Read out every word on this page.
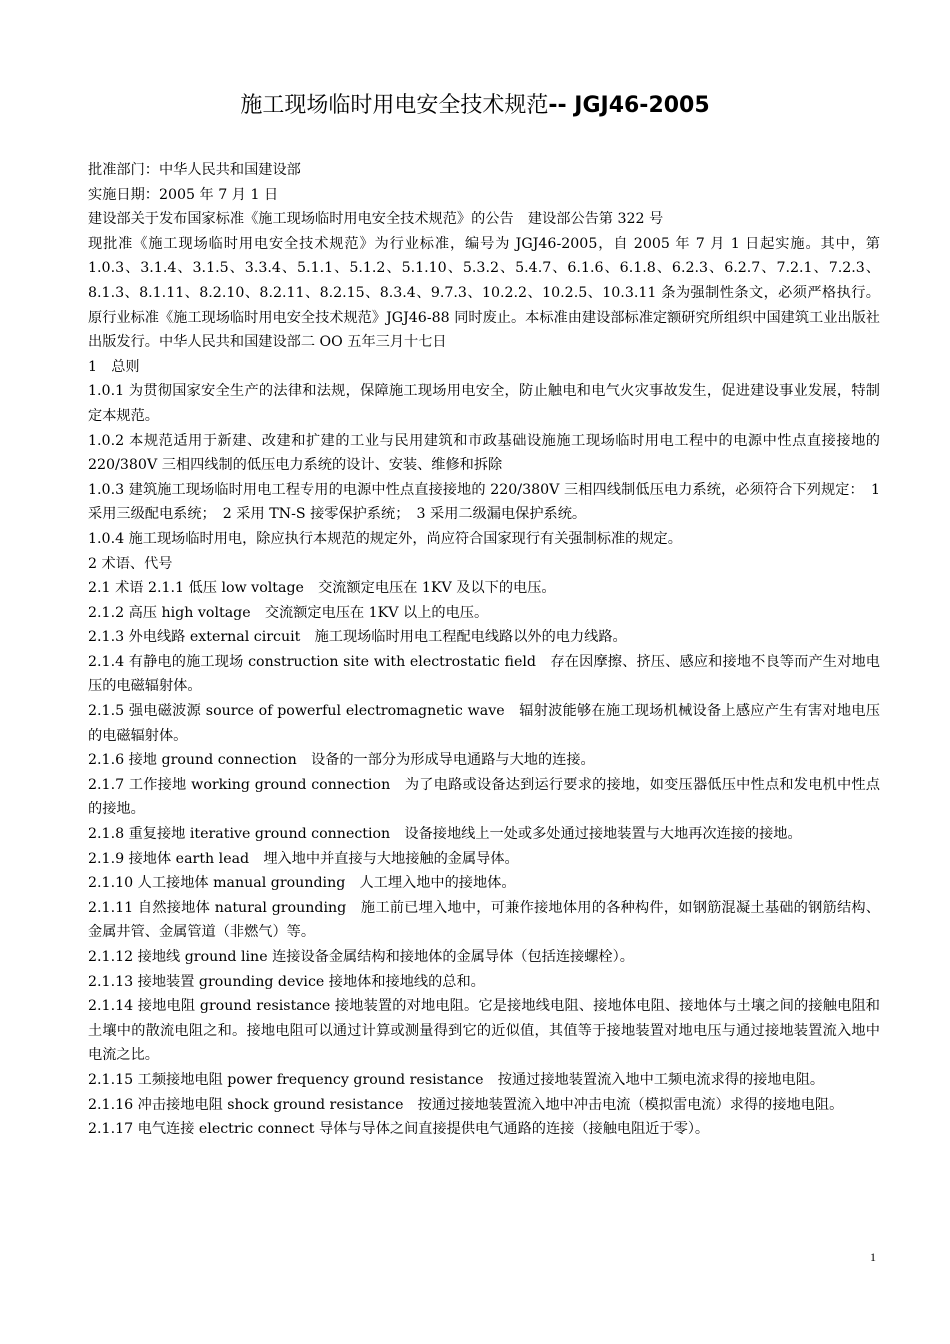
施工现场临时用电安全技术规范-- JGJ46-2005

批准部门：中华人民共和国建设部

实施日期：2005 年 7 月 1 日

建设部关于发布国家标准《施工现场临时用电安全技术规范》的公告　建设部公告第 322 号

现批准《施工现场临时用电安全技术规范》为行业标准，编号为 JGJ46-2005，自 2005 年 7 月 1 日起实施。其中，第 1.0.3、3.1.4、3.1.5、3.3.4、5.1.1、5.1.2、5.1.10、5.3.2、5.4.7、6.1.6、6.1.8、6.2.3、6.2.7、7.2.1、7.2.3、8.1.3、8.1.11、8.2.10、8.2.11、8.2.15、8.3.4、9.7.3、10.2.2、10.2.5、10.3.11 条为强制性条文，必须严格执行。原行业标准《施工现场临时用电安全技术规范》JGJ46-88 同时废止。本标准由建设部标准定额研究所组织中国建筑工业出版社出版发行。中华人民共和国建设部二 OO 五年三月十七日

1　总则

1.0.1 为贯彻国家安全生产的法律和法规，保障施工现场用电安全，防止触电和电气火灾事故发生，促进建设事业发展，特制定本规范。

1.0.2 本规范适用于新建、改建和扩建的工业与民用建筑和市政基础设施施工现场临时用电工程中的电源中性点直接接地的 220/380V 三相四线制的低压电力系统的设计、安装、维修和拆除

1.0.3 建筑施工现场临时用电工程专用的电源中性点直接接地的 220/380V 三相四线制低压电力系统，必须符合下列规定：　1 采用三级配电系统；　2 采用 TN-S 接零保护系统；　3 采用二级漏电保护系统。

1.0.4 施工现场临时用电，除应执行本规范的规定外，尚应符合国家现行有关强制标准的规定。

2 术语、代号

2.1 术语 2.1.1 低压 low voltage　交流额定电压在 1KV 及以下的电压。

2.1.2 高压 high voltage　交流额定电压在 1KV 以上的电压。

2.1.3 外电线路 external circuit　施工现场临时用电工程配电线路以外的电力线路。

2.1.4 有静电的施工现场 construction site with electrostatic field　存在因摩擦、挤压、感应和接地不良等而产生对地电压的电磁辐射体。

2.1.5 强电磁波源 source of powerful electromagnetic wave　辐射波能够在施工现场机械设备上感应产生有害对地电压的电磁辐射体。

2.1.6 接地 ground connection　设备的一部分为形成导电通路与大地的连接。

2.1.7 工作接地 working ground connection　为了电路或设备达到运行要求的接地，如变压器低压中性点和发电机中性点的接地。

2.1.8 重复接地 iterative ground connection　设备接地线上一处或多处通过接地装置与大地再次连接的接地。

2.1.9 接地体 earth lead　埋入地中并直接与大地接触的金属导体。

2.1.10 人工接地体 manual grounding　人工埋入地中的接地体。

2.1.11 自然接地体 natural grounding　施工前已埋入地中，可兼作接地体用的各种构件，如钢筋混凝土基础的钢筋结构、金属井管、金属管道（非燃气）等。

2.1.12 接地线 ground line 连接设备金属结构和接地体的金属导体（包括连接螺栓）。

2.1.13 接地装置 grounding device 接地体和接地线的总和。

2.1.14 接地电阻 ground resistance 接地装置的对地电阻。它是接地线电阻、接地体电阻、接地体与土壤之间的接触电阻和土壤中的散流电阻之和。接地电阻可以通过计算或测量得到它的近似值，其值等于接地装置对地电压与通过接地装置流入地中电流之比。

2.1.15 工频接地电阻 power frequency ground resistance　按通过接地装置流入地中工频电流求得的接地电阻。

2.1.16 冲击接地电阻 shock ground resistance　按通过接地装置流入地中冲击电流（模拟雷电流）求得的接地电阻。

2.1.17 电气连接 electric connect 导体与导体之间直接提供电气通路的连接（接触电阻近于零）。

1
